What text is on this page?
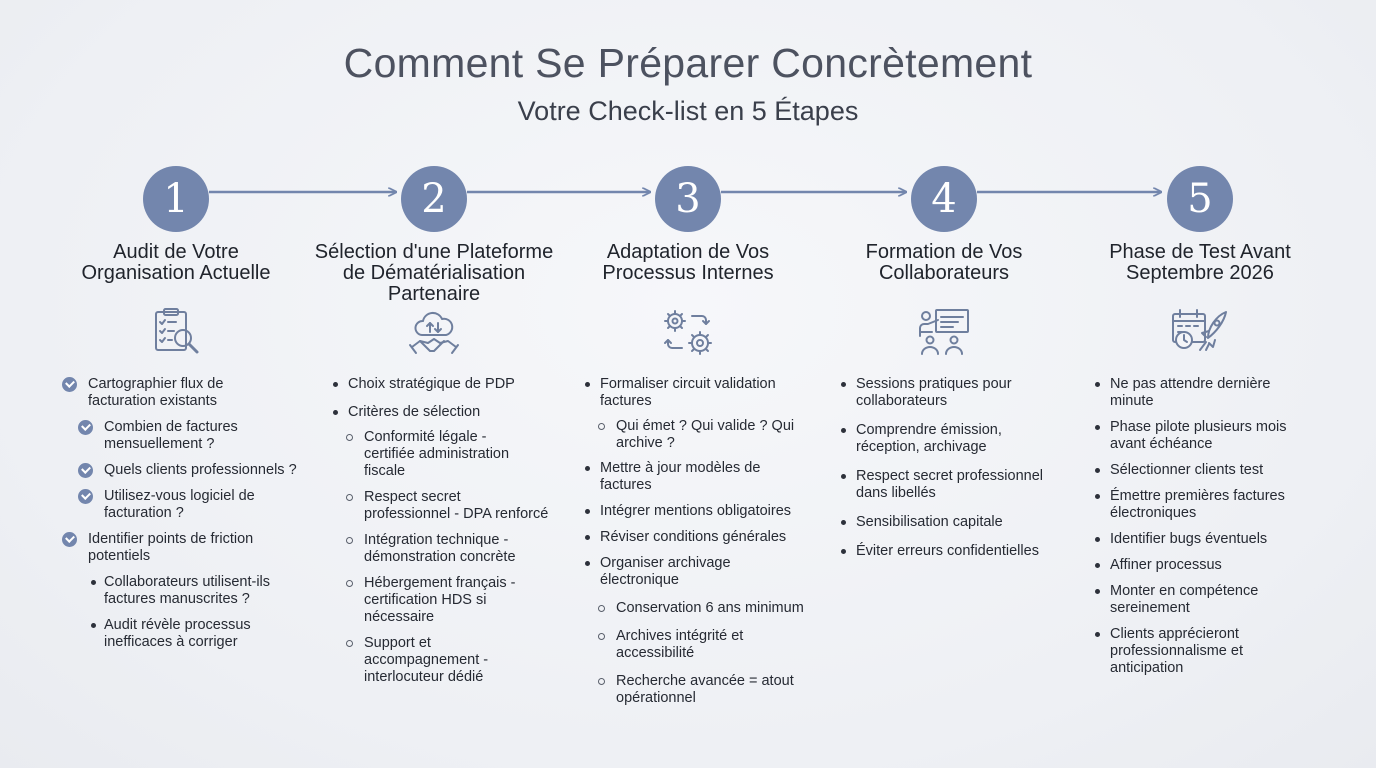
Comment Se Préparer Concrètement
Votre Check-list en 5 Étapes
1	2	3	4	5
Audit de Votre
Organisation Actuelle
Cartographier flux de
facturation existants
Combien de factures
mensuellement ?
Quels clients professionnels ?
Utilisez-vous logiciel de
facturation ?
Identifier points de friction
potentiels
Collaborateurs utilisent-ils
factures manuscrites ?
Audit révèle processus
inefficaces à corriger
Sélection d'une Plateforme
de Dématérialisation
Partenaire
Choix stratégique de PDP
Critères de sélection
Conformité légale -
certifiée administration
fiscale
Respect secret
professionnel - DPA renforcé
Intégration technique -
démonstration concrète
Hébergement français -
certification HDS si
nécessaire
Support et
accompagnement -
interlocuteur dédié
Adaptation de Vos
Processus Internes
Formaliser circuit validation
factures
Qui émet ? Qui valide ? Qui
archive ?
Mettre à jour modèles de
factures
Intégrer mentions obligatoires
Réviser conditions générales
Organiser archivage
électronique
Conservation 6 ans minimum
Archives intégrité et
accessibilité
Recherche avancée = atout
opérationnel
Formation de Vos
Collaborateurs
Sessions pratiques pour
collaborateurs
Comprendre émission,
réception, archivage
Respect secret professionnel
dans libellés
Sensibilisation capitale
Éviter erreurs confidentielles
Phase de Test Avant
Septembre 2026
Ne pas attendre dernière
minute
Phase pilote plusieurs mois
avant échéance
Sélectionner clients test
Émettre premières factures
électroniques
Identifier bugs éventuels
Affiner processus
Monter en compétence
sereinement
Clients apprécieront
professionnalisme et
anticipation
